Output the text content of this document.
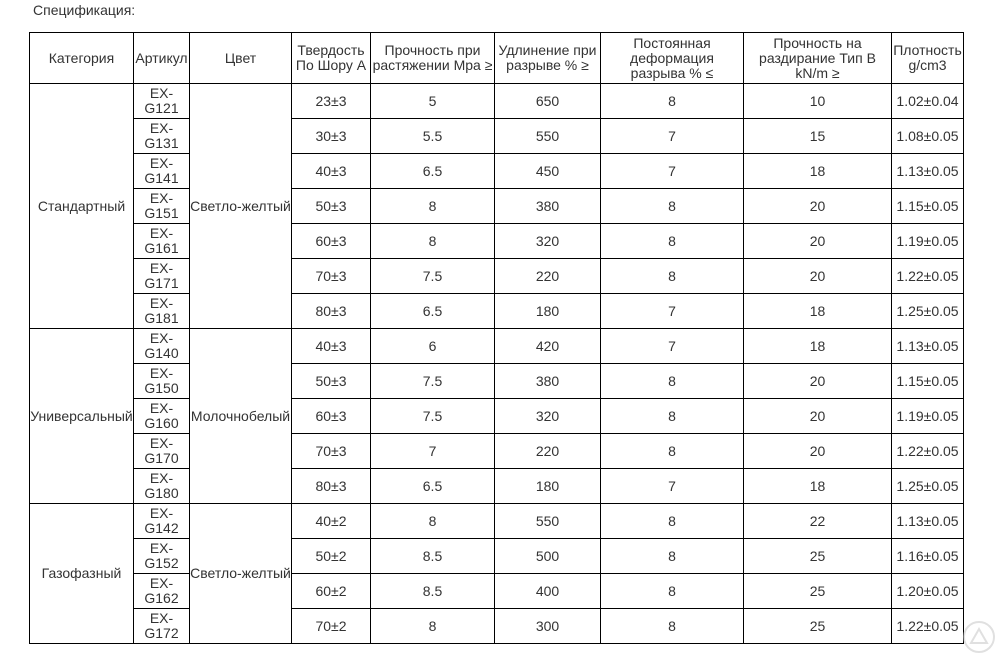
Спецификация:
Категория	Артикул	Цвет	Твердость По Шору А	Прочность при растяжении Mpa ≥	Удлинение при разрыве % ≥	Постоянная деформация разрыва % ≤	Прочность на раздирание Тип B kN/m ≥	Плотность g/cm3
Стандартный	EX-G121	Светло-желтый	23±3	5	650	8	10	1.02±0.04
	EX-G131		30±3	5.5	550	7	15	1.08±0.05
	EX-G141		40±3	6.5	450	7	18	1.13±0.05
	EX-G151		50±3	8	380	8	20	1.15±0.05
	EX-G161		60±3	8	320	8	20	1.19±0.05
	EX-G171		70±3	7.5	220	8	20	1.22±0.05
	EX-G181		80±3	6.5	180	7	18	1.25±0.05
Универсальный	EX-G140	Молочнобелый	40±3	6	420	7	18	1.13±0.05
	EX-G150		50±3	7.5	380	8	20	1.15±0.05
	EX-G160		60±3	7.5	320	8	20	1.19±0.05
	EX-G170		70±3	7	220	8	20	1.22±0.05
	EX-G180		80±3	6.5	180	7	18	1.25±0.05
Газофазный	EX-G142	Светло-желтый	40±2	8	550	8	22	1.13±0.05
	EX-G152		50±2	8.5	500	8	25	1.16±0.05
	EX-G162		60±2	8.5	400	8	25	1.20±0.05
	EX-G172		70±2	8	300	8	25	1.22±0.05
